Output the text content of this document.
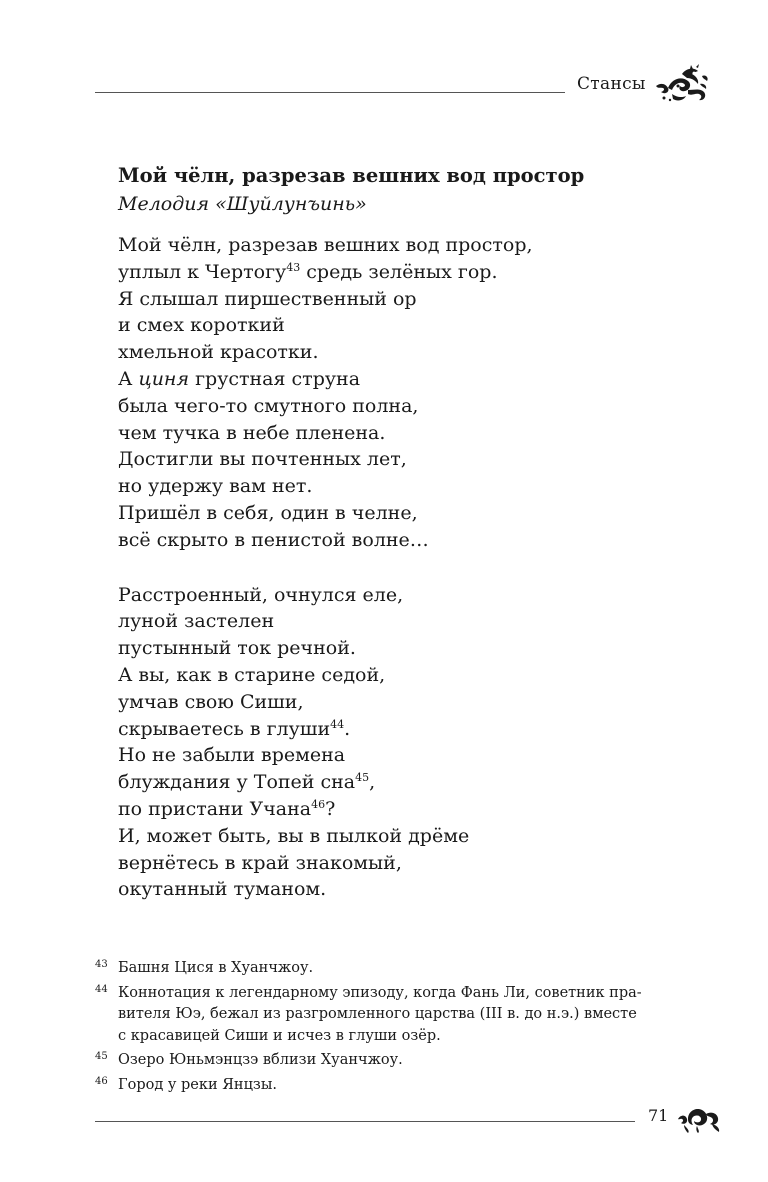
Стансы

Мой чёлн, разрезав вешних вод простор

Мелодия «Шуйлунъинь»

Мой чёлн, разрезав вешних вод простор,
уплыл к Чертогу$^{43}$ средь зелёных гор.
Я слышал пиршественный ор
и смех короткий
хмельной красотки.
А циня грустная струна
была чего-то смутного полна,
чем тучка в небе пленена.
Достигли вы почтенных лет,
но удержу вам нет.
Пришёл в себя, один в челне,
всё скрыто в пенистой волне…
Расстроенный, очнулся еле,
луной застелен
пустынный ток речной.
А вы, как в старине седой,
умчав свою Сиши,
скрываетесь в глуши$^{44}$.
Но не забыли времена
блуждания у Топей сна$^{45}$,
по пристани Учана$^{46}$?
И, может быть, вы в пылкой дрёме
вернётесь в край знакомый,
окутанный туманом.
43 Башня Цися в Хуанчжоу.
44 Коннотация к легендарному эпизоду, когда Фань Ли, советник пра-
вителя Юэ, бежал из разгромленного царства (III в. до н.э.) вместе
с красавицей Сиши и исчез в глуши озёр.
45 Озеро Юньмэнцзэ вблизи Хуанчжоу.
46 Город у реки Янцзы.
71
